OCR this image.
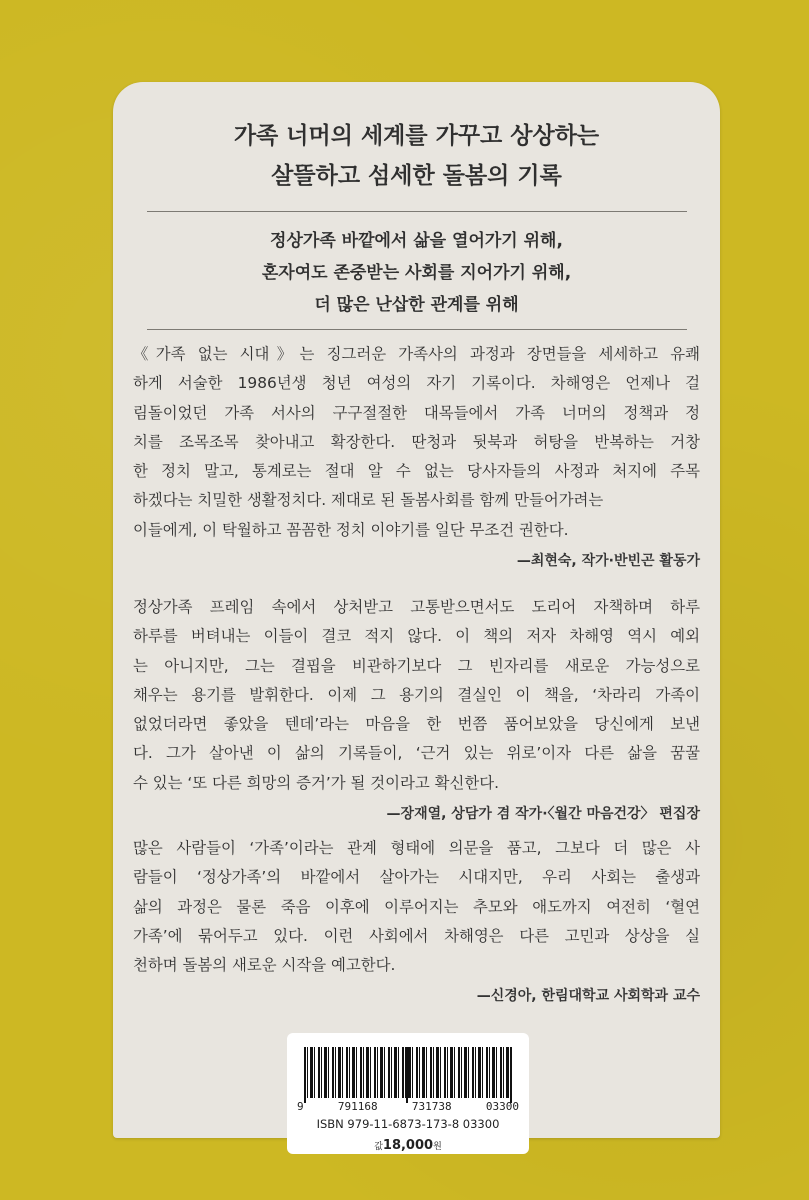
가족 너머의 세계를 가꾸고 상상하는
살뜰하고 섬세한 돌봄의 기록
정상가족 바깥에서 삶을 열어가기 위해,
혼자여도 존중받는 사회를 지어가기 위해,
더 많은 난삽한 관계를 위해
《가족 없는 시대》는 징그러운 가족사의 과정과 장면들을 세세하고 유쾌
하게 서술한 1986년생 청년 여성의 자기 기록이다. 차해영은 언제나 걸
림돌이었던 가족 서사의 구구절절한 대목들에서 가족 너머의 정책과 정
치를 조목조목 찾아내고 확장한다. 딴청과 뒷북과 허탕을 반복하는 거창
한 정치 말고, 통계로는 절대 알 수 없는 당사자들의 사정과 처지에 주목
하겠다는 치밀한 생활정치다. 제대로 된 돌봄사회를 함께 만들어가려는
이들에게, 이 탁월하고 꼼꼼한 정치 이야기를 일단 무조건 권한다.
—최현숙, 작가·반빈곤 활동가
정상가족 프레임 속에서 상처받고 고통받으면서도 도리어 자책하며 하루
하루를 버텨내는 이들이 결코 적지 않다. 이 책의 저자 차해영 역시 예외
는 아니지만, 그는 결핍을 비관하기보다 그 빈자리를 새로운 가능성으로
채우는 용기를 발휘한다. 이제 그 용기의 결실인 이 책을, ‘차라리 가족이
없었더라면 좋았을 텐데’라는 마음을 한 번쯤 품어보았을 당신에게 보낸
다. 그가 살아낸 이 삶의 기록들이, ‘근거 있는 위로’이자 다른 삶을 꿈꿀
수 있는 ‘또 다른 희망의 증거’가 될 것이라고 확신한다.
—장재열, 상담가 겸 작가·〈월간 마음건강〉 편집장
많은 사람들이 ‘가족’이라는 관계 형태에 의문을 품고, 그보다 더 많은 사
람들이 ‘정상가족’의 바깥에서 살아가는 시대지만, 우리 사회는 출생과
삶의 과정은 물론 죽음 이후에 이루어지는 추모와 애도까지 여전히 ‘혈연
가족’에 묶어두고 있다. 이런 사회에서 차해영은 다른 고민과 상상을 실
천하며 돌봄의 새로운 시작을 예고한다.
—신경아, 한림대학교 사회학과 교수
9	791168	731738	03300
ISBN 979-11-6873-173-8 03300
값18,000원
